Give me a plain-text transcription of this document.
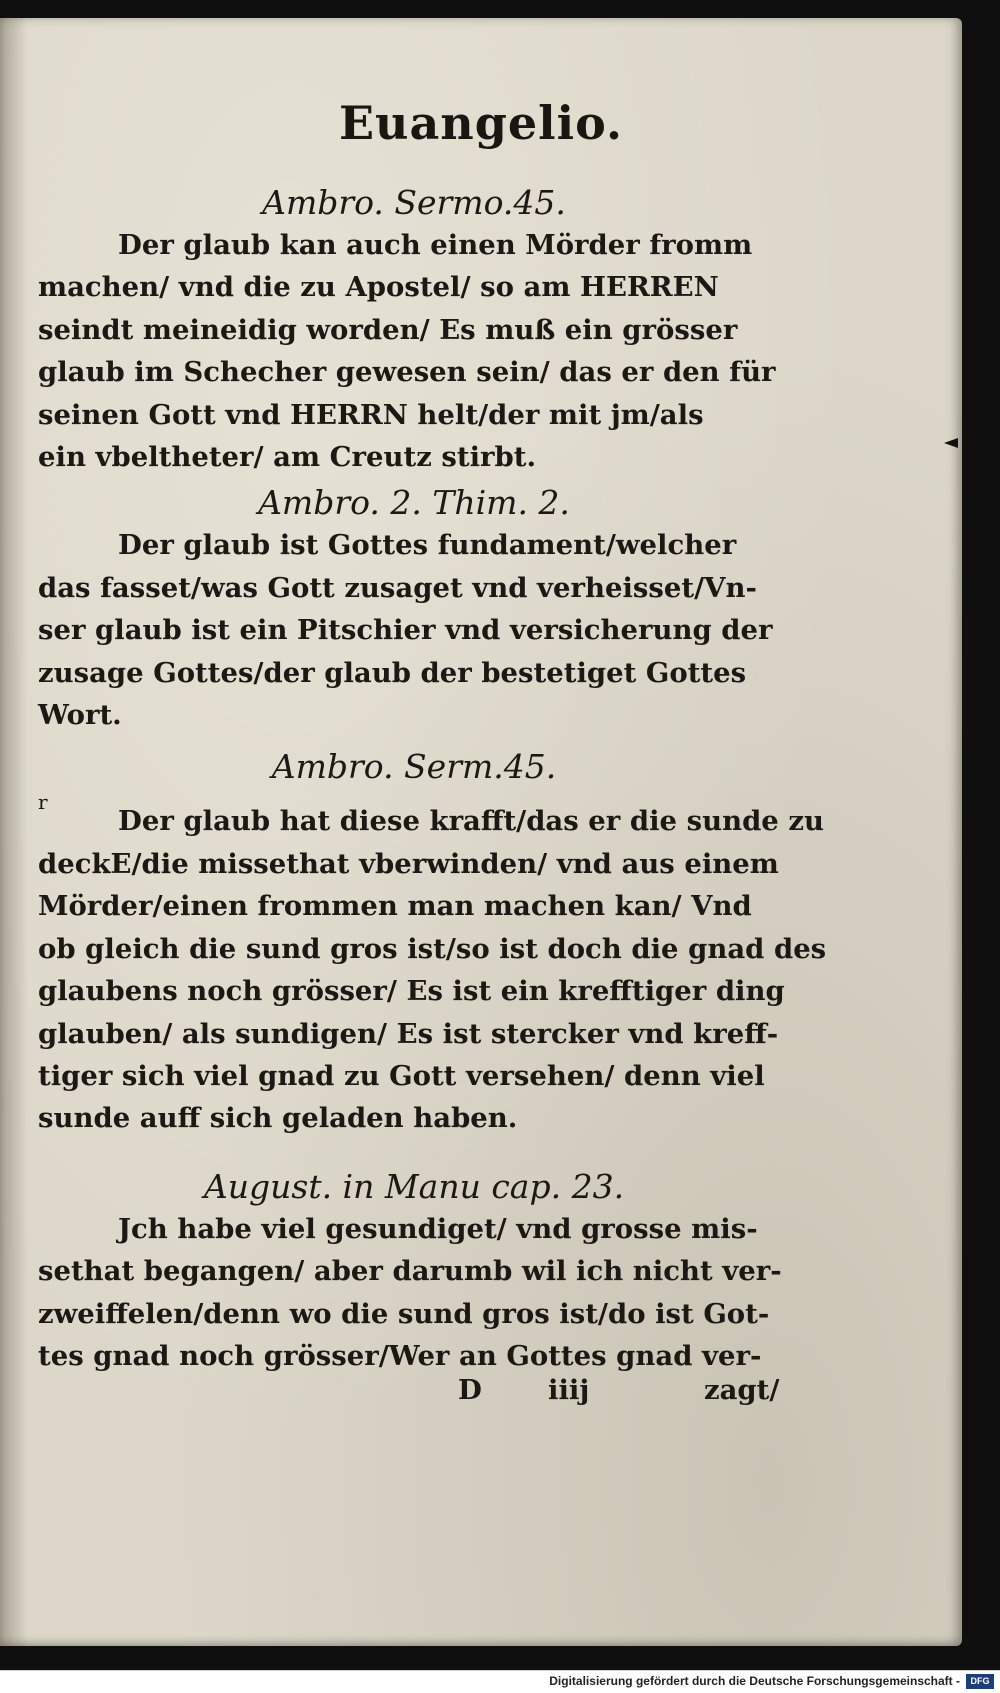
Euangelio.

Ambro. Sermo.45.

Der glaub kan auch einen Mörder fromm
machen/ vnd die zu Apostel/ so am HERREN
seindt meineidig worden/ Es muß ein grösser
glaub im Schecher gewesen sein/ das er den für
seinen Gott vnd HERRN helt/der mit jm/als
ein vbeltheter/ am Creutz stirbt.

Ambro. 2. Thim. 2.

Der glaub ist Gottes fundament/welcher
das fasset/was Gott zusaget vnd verheisset/Vn-
ser glaub ist ein Pitschier vnd versicherung der
zusage Gottes/der glaub der bestetiget Gottes
Wort.

Ambro. Serm.45.

Der glaub hat diese krafft/das er die sunde zu
deckE/die missethat vberwinden/ vnd aus einem
Mörder/einen frommen man machen kan/ Vnd
ob gleich die sund gros ist/so ist doch die gnad des
glaubens noch grösser/ Es ist ein krefftiger ding
glauben/ als sundigen/ Es ist stercker vnd kreff-
tiger sich viel gnad zu Gott versehen/ denn viel
sunde auff sich geladen haben.

August. in Manu cap. 23.

Jch habe viel gesundiget/ vnd grosse mis-
sethat begangen/ aber darumb wil ich nicht ver-
zweiffelen/denn wo die sund gros ist/do ist Got-
tes gnad noch grösser/Wer an Gottes gnad ver-
r
D iiij	zagt/
Digitalisierung gefördert durch die Deutsche Forschungsgemeinschaft -	DFG
